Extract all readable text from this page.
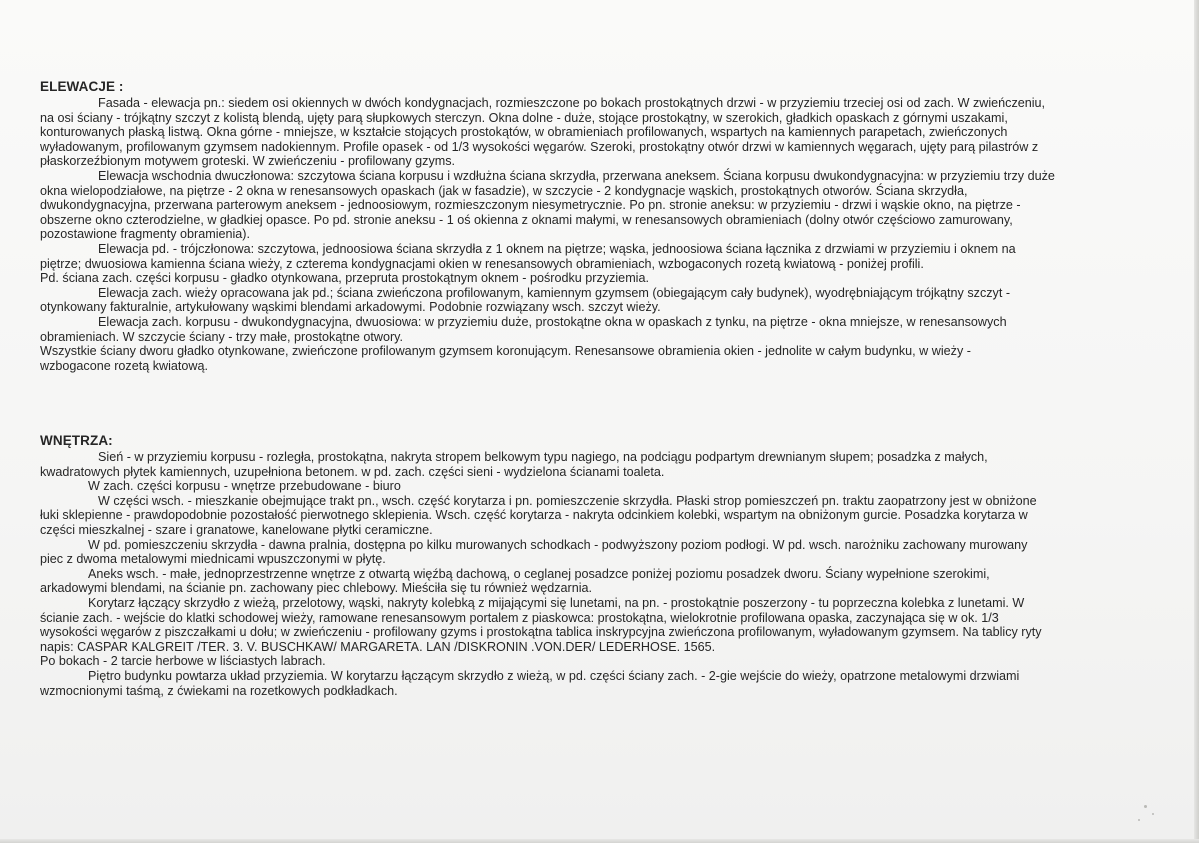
ELEWACJE :
Fasada - elewacja pn.: siedem osi okiennych w dwóch kondygnacjach, rozmieszczone po bokach prostokątnych drzwi - w przyziemiu trzeciej osi od zach. W zwieńczeniu,
na osi ściany - trójkątny szczyt z kolistą blendą, ujęty parą słupkowych sterczyn. Okna dolne - duże, stojące prostokątny, w szerokich, gładkich opaskach z górnymi uszakami,
konturowanych płaską listwą. Okna górne - mniejsze, w kształcie stojących prostokątów, w obramieniach profilowanych, wspartych na kamiennych parapetach, zwieńczonych
wyładowanym, profilowanym gzymsem nadokiennym. Profile opasek - od 1/3 wysokości węgarów. Szeroki, prostokątny otwór drzwi w kamiennych węgarach, ujęty parą pilastrów z
płaskorzeźbionym motywem groteski. W zwieńczeniu - profilowany gzyms.
Elewacja wschodnia dwuczłonowa: szczytowa ściana korpusu i wzdłużna ściana skrzydła, przerwana aneksem. Ściana korpusu dwukondygnacyjna: w przyziemiu trzy duże
okna wielopodziałowe, na piętrze - 2 okna w renesansowych opaskach (jak w fasadzie), w szczycie - 2 kondygnacje wąskich, prostokątnych otworów. Ściana skrzydła,
dwukondygnacyjna, przerwana parterowym aneksem - jednoosiowym, rozmieszczonym niesymetrycznie. Po pn. stronie aneksu: w przyziemiu - drzwi i wąskie okno, na piętrze -
obszerne okno czterodzielne, w gładkiej opasce. Po pd. stronie aneksu - 1 oś okienna z oknami małymi, w renesansowych obramieniach (dolny otwór częściowo zamurowany,
pozostawione fragmenty obramienia).
Elewacja pd. - trójczłonowa: szczytowa, jednoosiowa ściana skrzydła z 1 oknem na piętrze; wąska, jednoosiowa ściana łącznika z drzwiami w przyziemiu i oknem na
piętrze; dwuosiowa kamienna ściana wieży, z czterema kondygnacjami okien w renesansowych obramieniach, wzbogaconych rozetą kwiatową - poniżej profili.
Pd. ściana zach. części korpusu - gładko otynkowana, przepruta prostokątnym oknem - pośrodku przyziemia.
Elewacja zach. wieży opracowana jak pd.; ściana zwieńczona profilowanym, kamiennym gzymsem (obiegającym cały budynek), wyodrębniającym trójkątny szczyt -
otynkowany fakturalnie, artykułowany wąskimi blendami arkadowymi. Podobnie rozwiązany wsch. szczyt wieży.
Elewacja zach. korpusu - dwukondygnacyjna, dwuosiowa: w przyziemiu duże, prostokątne okna w opaskach z tynku, na piętrze - okna mniejsze, w renesansowych
obramieniach. W szczycie ściany - trzy małe, prostokątne otwory.
Wszystkie ściany dworu gładko otynkowane, zwieńczone profilowanym gzymsem koronującym. Renesansowe obramienia okien - jednolite w całym budynku, w wieży -
wzbogacone rozetą kwiatową.
WNĘTRZA:
Sień - w przyziemiu korpusu - rozległa, prostokątna, nakryta stropem belkowym typu nagiego, na podciągu podpartym drewnianym słupem; posadzka z małych,
kwadratowych płytek kamiennych, uzupełniona betonem. w pd. zach. części sieni - wydzielona ścianami toaleta.
W zach. części korpusu - wnętrze przebudowane - biuro
W części wsch. - mieszkanie obejmujące trakt pn., wsch. część korytarza i pn. pomieszczenie skrzydła. Płaski strop pomieszczeń pn. traktu zaopatrzony jest w obniżone
łuki sklepienne - prawdopodobnie pozostałość pierwotnego sklepienia. Wsch. część korytarza - nakryta odcinkiem kolebki, wspartym na obniżonym gurcie. Posadzka korytarza w
części mieszkalnej - szare i granatowe, kanelowane płytki ceramiczne.
W pd. pomieszczeniu skrzydła - dawna pralnia, dostępna po kilku murowanych schodkach - podwyższony poziom podłogi. W pd. wsch. narożniku zachowany murowany
piec z dwoma metalowymi miednicami wpuszczonymi w płytę.
Aneks wsch. - małe, jednoprzestrzenne wnętrze z otwartą więźbą dachową, o ceglanej posadzce poniżej poziomu posadzek dworu. Ściany wypełnione szerokimi,
arkadowymi blendami, na ścianie pn. zachowany piec chlebowy. Mieściła się tu również wędzarnia.
Korytarz łączący skrzydło z wieżą, przelotowy, wąski, nakryty kolebką z mijającymi się lunetami, na pn. - prostokątnie poszerzony - tu poprzeczna kolebka z lunetami. W
ścianie zach. - wejście do klatki schodowej wieży, ramowane renesansowym portalem z piaskowca: prostokątna, wielokrotnie profilowana opaska, zaczynająca się w ok. 1/3
wysokości węgarów z piszczałkami u dołu; w zwieńczeniu - profilowany gzyms i prostokątna tablica inskrypcyjna zwieńczona profilowanym, wyładowanym gzymsem. Na tablicy ryty
napis: CASPAR KALGREIT /TER. 3. V. BUSCHKAW/ MARGARETA. LAN /DISKRONIN .VON.DER/ LEDERHOSE. 1565.
Po bokach - 2 tarcie herbowe w liściastych labrach.
Piętro budynku powtarza układ przyziemia. W korytarzu łączącym skrzydło z wieżą, w pd. części ściany zach. - 2-gie wejście do wieży, opatrzone metalowymi drzwiami
wzmocnionymi taśmą, z ćwiekami na rozetkowych podkładkach.
